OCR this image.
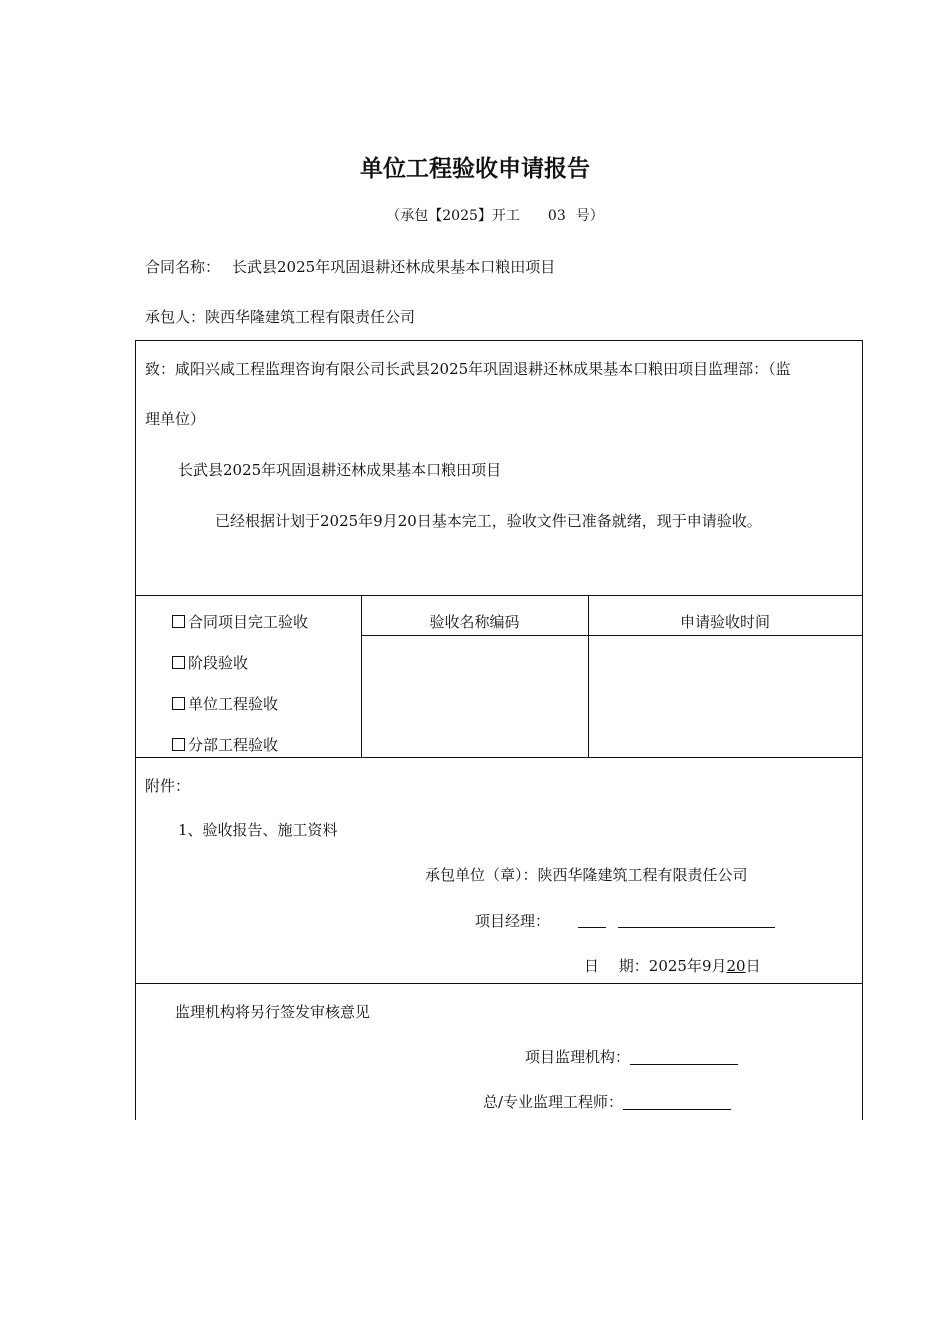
单位工程验收申请报告
（承包【2025】开工 03 号）
合同名称： 长武县2025年巩固退耕还林成果基本口粮田项目
承包人：陕西华隆建筑工程有限责任公司
致：咸阳兴咸工程监理咨询有限公司长武县2025年巩固退耕还林成果基本口粮田项目监理部：（监
理单位）
长武县2025年巩固退耕还林成果基本口粮田项目
已经根据计划于2025年9月20日基本完工，验收文件已准备就绪，现于申请验收。
合同项目完工验收
阶段验收
单位工程验收
分部工程验收
验收名称编码	申请验收时间
附件：
1、验收报告、施工资料
承包单位（章）：陕西华隆建筑工程有限责任公司
项目经理：
日　 期：2025年9月20日
监理机构将另行签发审核意见
项目监理机构：
总/专业监理工程师：
